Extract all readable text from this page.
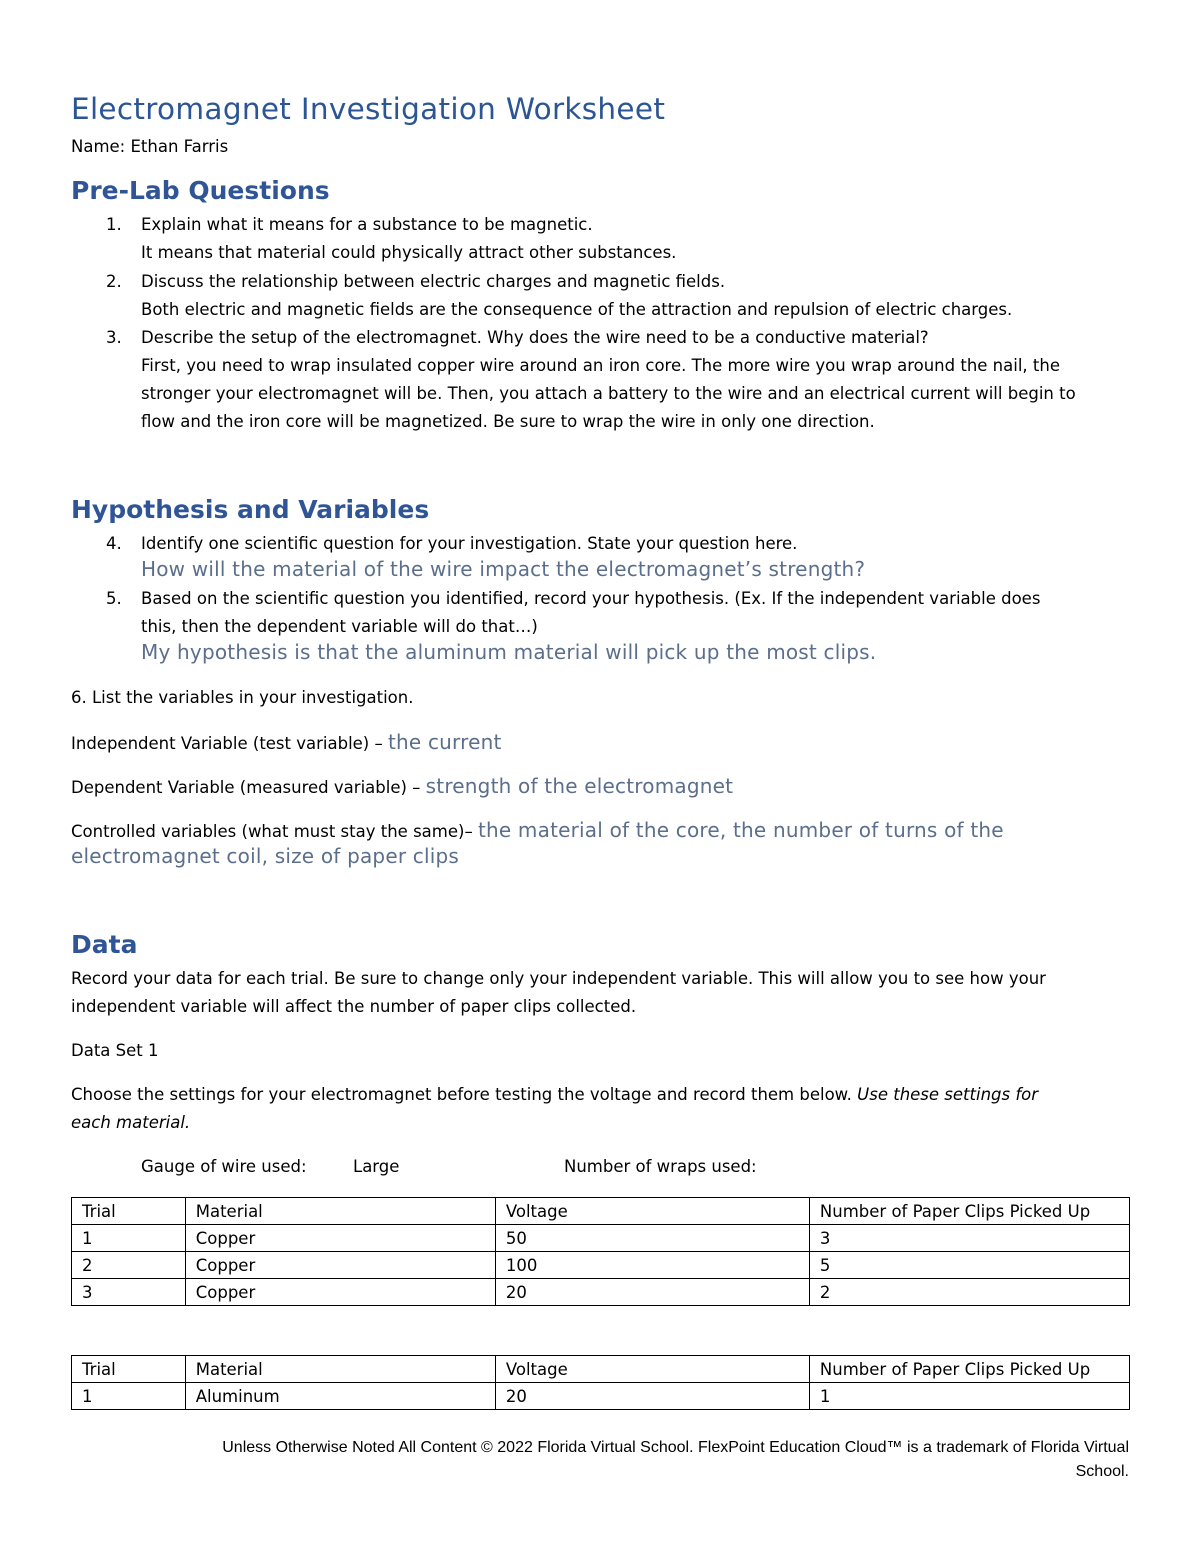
Electromagnet Investigation Worksheet
Name: Ethan Farris
Pre-Lab Questions
1. Explain what it means for a substance to be magnetic.
It means that material could physically attract other substances.
2. Discuss the relationship between electric charges and magnetic fields.
Both electric and magnetic fields are the consequence of the attraction and repulsion of electric charges.
3. Describe the setup of the electromagnet. Why does the wire need to be a conductive material?
First, you need to wrap insulated copper wire around an iron core. The more wire you wrap around the nail, the
stronger your electromagnet will be. Then, you attach a battery to the wire and an electrical current will begin to
flow and the iron core will be magnetized. Be sure to wrap the wire in only one direction.
Hypothesis and Variables
4. Identify one scientific question for your investigation. State your question here.
How will the material of the wire impact the electromagnet’s strength?
5. Based on the scientific question you identified, record your hypothesis. (Ex. If the independent variable does
this, then the dependent variable will do that…)
My hypothesis is that the aluminum material will pick up the most clips.
6. List the variables in your investigation.
Independent Variable (test variable) – the current
Dependent Variable (measured variable) – strength of the electromagnet
Controlled variables (what must stay the same)– the material of the core, the number of turns of the
electromagnet coil, size of paper clips
Data
Record your data for each trial. Be sure to change only your independent variable. This will allow you to see how your
independent variable will affect the number of paper clips collected.
Data Set 1
Choose the settings for your electromagnet before testing the voltage and record them below. Use these settings for
each material.
Gauge of wire used:	Large	Number of wraps used:
Trial	Material	Voltage	Number of Paper Clips Picked Up
1	Copper	50	3
2	Copper	100	5
3	Copper	20	2
Trial	Material	Voltage	Number of Paper Clips Picked Up
1	Aluminum	20	1
Unless Otherwise Noted All Content © 2022 Florida Virtual School. FlexPoint Education Cloud™ is a trademark of Florida Virtual
School.
